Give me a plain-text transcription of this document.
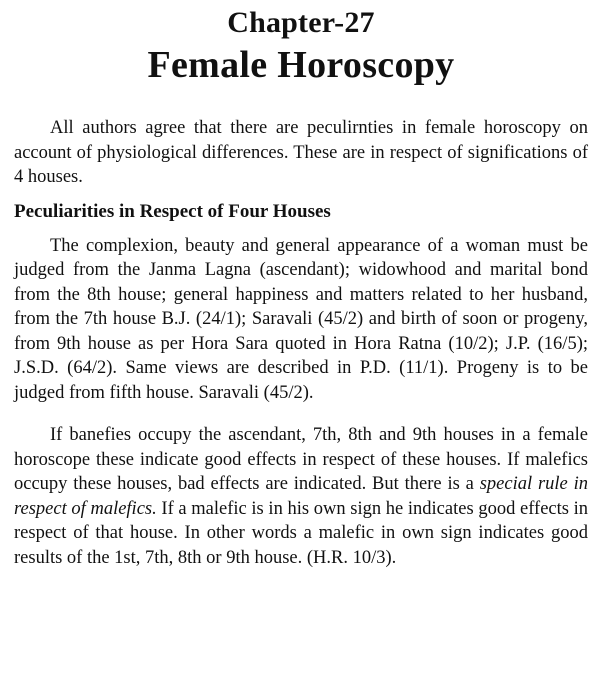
Chapter-27
Female Horoscopy

All authors agree that there are peculirnties in female horoscopy on account of physiological differences. These are in respect of significations of 4 houses.

Peculiarities in Respect of Four Houses

The complexion, beauty and general appearance of a woman must be judged from the Janma Lagna (ascendant); widowhood and marital bond from the 8th house; general happiness and matters related to her husband, from the 7th house B.J. (24/1); Saravali (45/2) and birth of soon or progeny, from 9th house as per Hora Sara quoted in Hora Ratna (10/2); J.P. (16/5); J.S.D. (64/2). Same views are described in P.D. (11/1). Progeny is to be judged from fifth house. Saravali (45/2).

If banefies occupy the ascendant, 7th, 8th and 9th houses in a female horoscope these indicate good effects in respect of these houses. If malefics occupy these houses, bad effects are indicated. But there is a special rule in respect of malefics. If a malefic is in his own sign he indicates good effects in respect of that house. In other words a malefic in own sign indicates good results of the 1st, 7th, 8th or 9th house. (H.R. 10/3).
